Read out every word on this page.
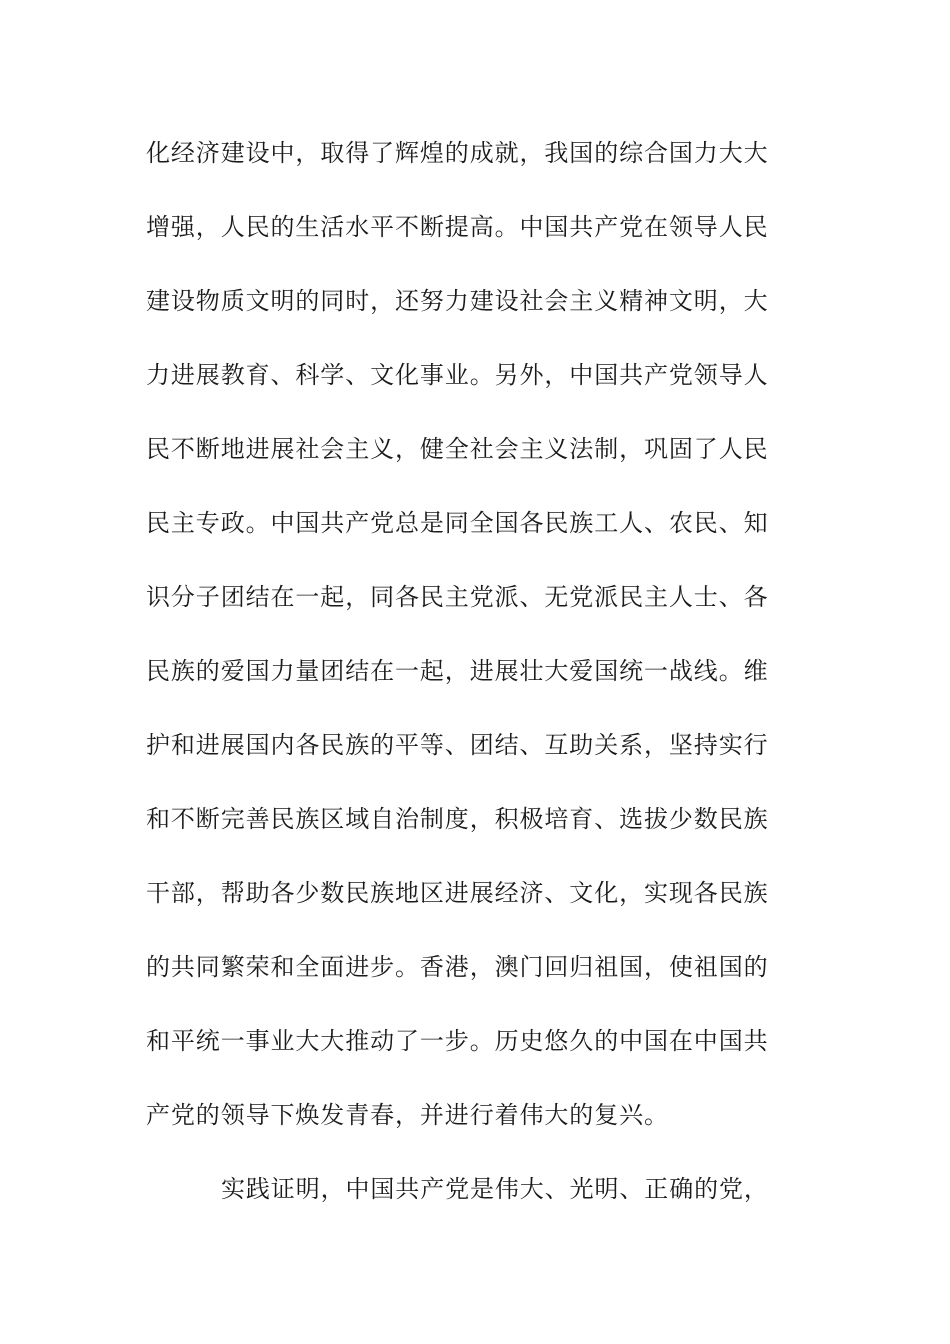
化经济建设中，取得了辉煌的成就，我国的综合国力大大
增强，人民的生活水平不断提高。中国共产党在领导人民
建设物质文明的同时，还努力建设社会主义精神文明，大
力进展教育、科学、文化事业。另外，中国共产党领导人
民不断地进展社会主义，健全社会主义法制，巩固了人民
民主专政。中国共产党总是同全国各民族工人、农民、知
识分子团结在一起，同各民主党派、无党派民主人士、各
民族的爱国力量团结在一起，进展壮大爱国统一战线。维
护和进展国内各民族的平等、团结、互助关系，坚持实行
和不断完善民族区域自治制度，积极培育、选拔少数民族
干部，帮助各少数民族地区进展经济、文化，实现各民族
的共同繁荣和全面进步。香港，澳门回归祖国，使祖国的
和平统一事业大大推动了一步。历史悠久的中国在中国共
产党的领导下焕发青春，并进行着伟大的复兴。
实践证明，中国共产党是伟大、光明、正确的党，
